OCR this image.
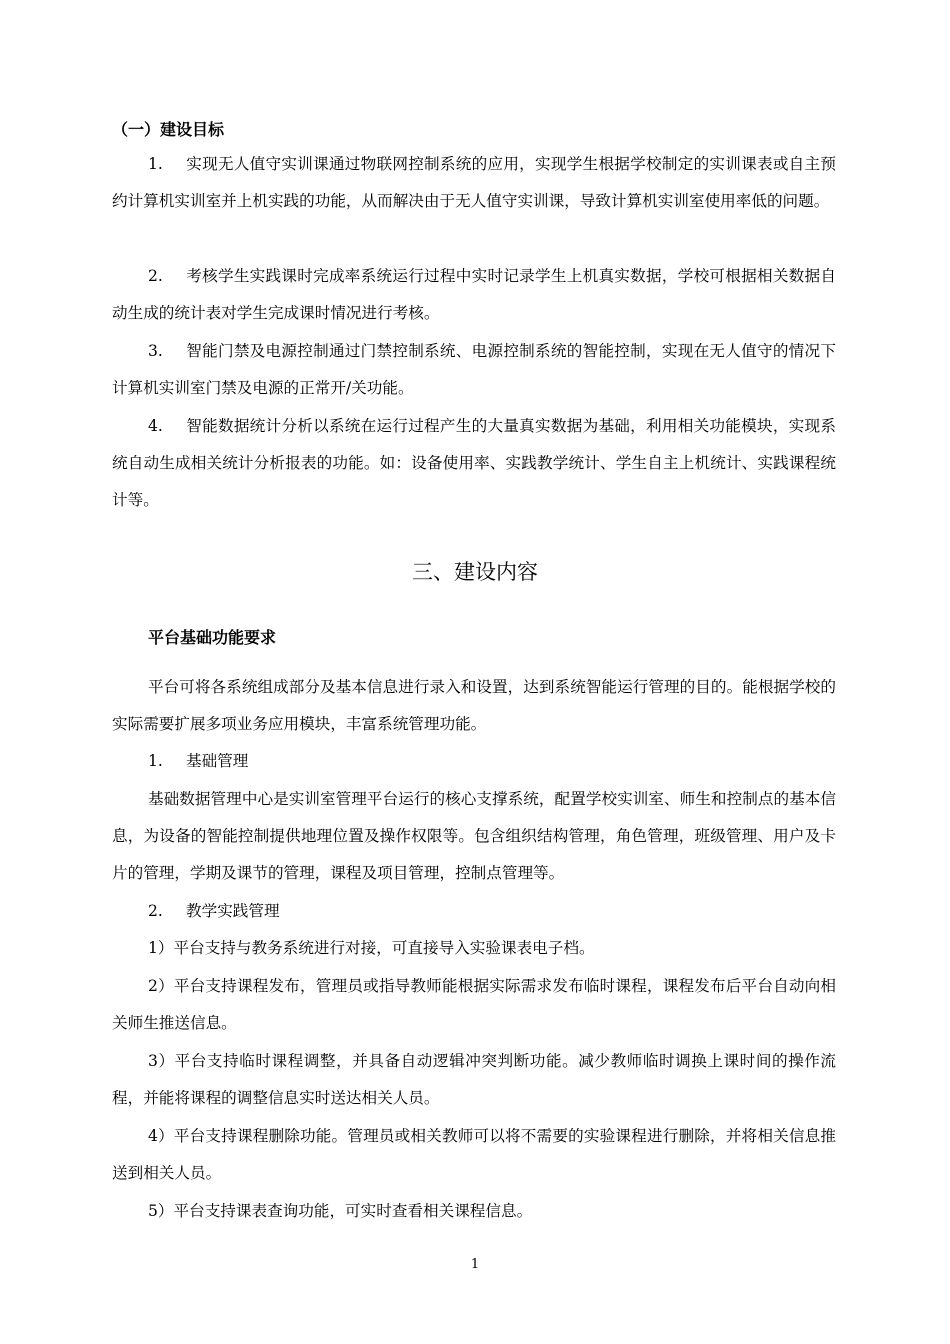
（一）建设目标

1. 实现无人值守实训课通过物联网控制系统的应用，实现学生根据学校制定的实训课表或自主预约计算机实训室并上机实践的功能，从而解决由于无人值守实训课，导致计算机实训室使用率低的问题。

2. 考核学生实践课时完成率系统运行过程中实时记录学生上机真实数据，学校可根据相关数据自动生成的统计表对学生完成课时情况进行考核。

3. 智能门禁及电源控制通过门禁控制系统、电源控制系统的智能控制，实现在无人值守的情况下计算机实训室门禁及电源的正常开/关功能。

4. 智能数据统计分析以系统在运行过程产生的大量真实数据为基础，利用相关功能模块，实现系统自动生成相关统计分析报表的功能。如：设备使用率、实践教学统计、学生自主上机统计、实践课程统计等。

三、建设内容
平台基础功能要求

平台可将各系统组成部分及基本信息进行录入和设置，达到系统智能运行管理的目的。能根据学校的实际需要扩展多项业务应用模块，丰富系统管理功能。

1. 基础管理

基础数据管理中心是实训室管理平台运行的核心支撑系统，配置学校实训室、师生和控制点的基本信息，为设备的智能控制提供地理位置及操作权限等。包含组织结构管理，角色管理，班级管理、用户及卡片的管理，学期及课节的管理，课程及项目管理，控制点管理等。

2. 教学实践管理

1）平台支持与教务系统进行对接，可直接导入实验课表电子档。

2）平台支持课程发布，管理员或指导教师能根据实际需求发布临时课程，课程发布后平台自动向相关师生推送信息。

3）平台支持临时课程调整，并具备自动逻辑冲突判断功能。减少教师临时调换上课时间的操作流程，并能将课程的调整信息实时送达相关人员。

4）平台支持课程删除功能。管理员或相关教师可以将不需要的实验课程进行删除，并将相关信息推送到相关人员。

5）平台支持课表查询功能，可实时查看相关课程信息。

1
